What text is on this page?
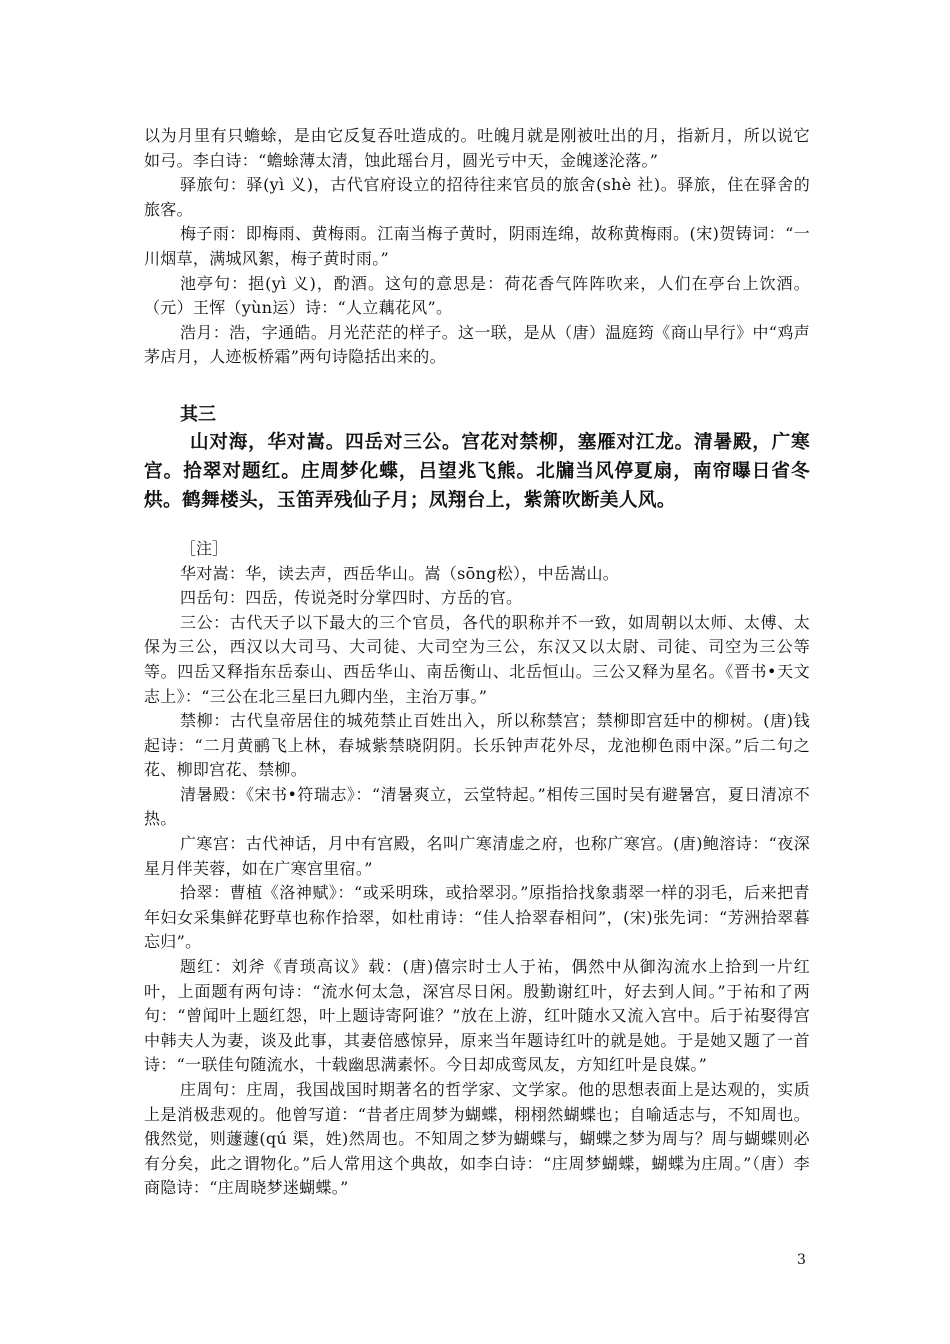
以为月里有只蟾蜍，是由它反复吞吐造成的。吐魄月就是刚被吐出的月，指新月，所以说它如弓。李白诗：“蟾蜍薄太清，蚀此瑶台月，圆光亏中天，金魄遂沦落。”

驿旅句：驿(yì 义)，古代官府设立的招待往来官员的旅舍(shè 社)。驿旅，住在驿舍的旅客。

梅子雨：即梅雨、黄梅雨。江南当梅子黄时，阴雨连绵，故称黄梅雨。(宋)贺铸词：“一川烟草，满城风絮，梅子黄时雨。”

池亭句：挹(yì 义)，酌酒。这句的意思是：荷花香气阵阵吹来，人们在亭台上饮酒。（元）王恽（yùn运）诗：“人立藕花风”。

浩月：浩，字通皓。月光茫茫的样子。这一联，是从（唐）温庭筠《商山早行》中“鸡声茅店月，人迹板桥霜”两句诗隐括出来的。

其三

山对海，华对嵩。四岳对三公。宫花对禁柳，塞雁对江龙。清暑殿，广寒宫。拾翠对题红。庄周梦化蝶，吕望兆飞熊。北牖当风停夏扇，南帘曝日省冬烘。鹤舞楼头，玉笛弄残仙子月；凤翔台上，紫箫吹断美人风。

［注］

华对嵩：华，读去声，西岳华山。嵩（sōng松），中岳嵩山。

四岳句：四岳，传说尧时分掌四时、方岳的官。

三公：古代天子以下最大的三个官员，各代的职称并不一致，如周朝以太师、太傅、太保为三公，西汉以大司马、大司徒、大司空为三公，东汉又以太尉、司徒、司空为三公等等。四岳又释指东岳泰山、西岳华山、南岳衡山、北岳恒山。三公又释为星名。《晋书•天文志上》：“三公在北三星曰九卿内坐，主治万事。”

禁柳：古代皇帝居住的城苑禁止百姓出入，所以称禁宫；禁柳即宫廷中的柳树。(唐)钱起诗：“二月黄鹂飞上林，春城紫禁晓阴阴。长乐钟声花外尽，龙池柳色雨中深。”后二句之花、柳即宫花、禁柳。

清暑殿：《宋书•符瑞志》：“清暑爽立，云堂特起。”相传三国时吴有避暑宫，夏日清凉不热。

广寒宫：古代神话，月中有宫殿，名叫广寒清虚之府，也称广寒宫。(唐)鲍溶诗：“夜深星月伴芙蓉，如在广寒宫里宿。”

拾翠：曹植《洛神赋》：“或采明珠，或拾翠羽。”原指拾找象翡翠一样的羽毛，后来把青年妇女采集鲜花野草也称作拾翠，如杜甫诗：“佳人拾翠春相问”，(宋)张先词：“芳洲拾翠暮忘归”。

题红：刘斧《青琐高议》载：(唐)僖宗时士人于祐，偶然中从御沟流水上拾到一片红叶，上面题有两句诗：“流水何太急，深宫尽日闲。殷勤谢红叶，好去到人间。”于祐和了两句：“曾闻叶上题红怨，叶上题诗寄阿谁？”放在上游，红叶随水又流入宫中。后于祐娶得宫中韩夫人为妻，谈及此事，其妻倍感惊异，原来当年题诗红叶的就是她。于是她又题了一首诗：“一联佳句随流水，十载幽思满素怀。今日却成鸾凤友，方知红叶是良媒。”

庄周句：庄周，我国战国时期著名的哲学家、文学家。他的思想表面上是达观的，实质上是消极悲观的。他曾写道：“昔者庄周梦为蝴蝶，栩栩然蝴蝶也；自喻适志与，不知周也。俄然觉，则蘧蘧(qú 渠，姓)然周也。不知周之梦为蝴蝶与，蝴蝶之梦为周与？周与蝴蝶则必有分矣，此之谓物化。”后人常用这个典故，如李白诗：“庄周梦蝴蝶，蝴蝶为庄周。”（唐）李商隐诗：“庄周晓梦迷蝴蝶。”

3
